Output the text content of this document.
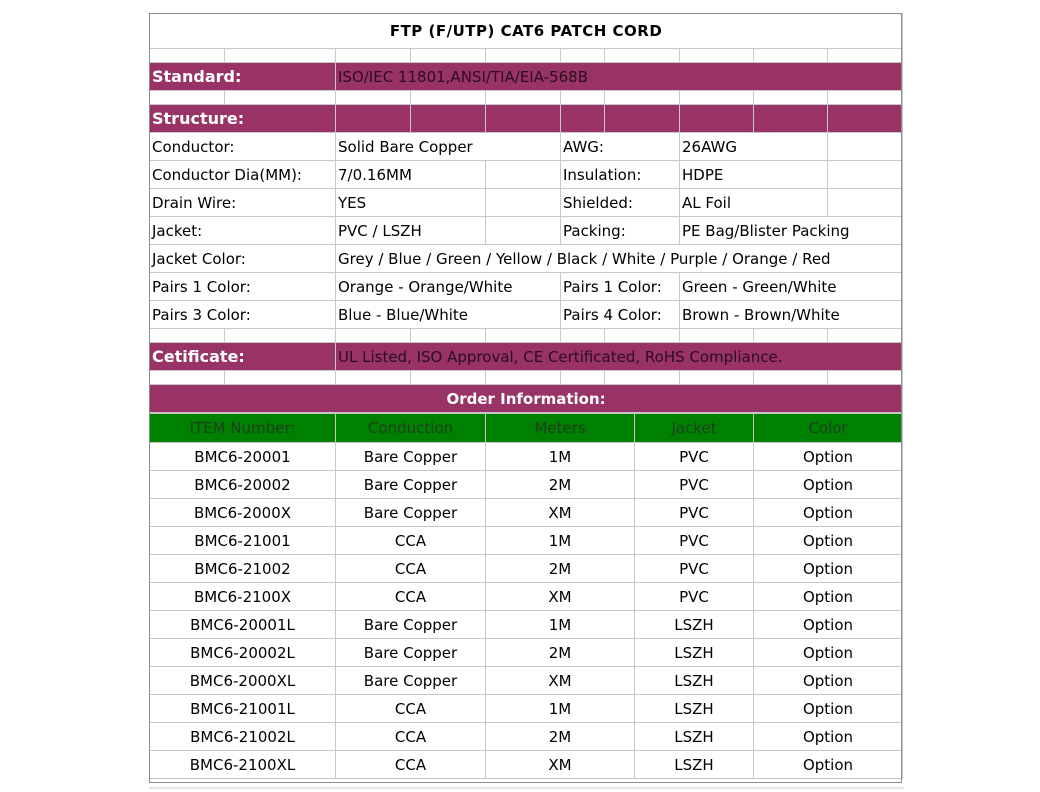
FTP (F/UTP) CAT6 PATCH CORD									

Standard:		ISO/IEC 11801,ANSI/TIA/EIA-568B							

Structure:									
Conductor:		Solid Bare Copper			AWG:		26AWG		
Conductor Dia(MM):		7/0.16MM			Insulation:		HDPE		
Drain Wire:		YES			Shielded:		AL Foil		
Jacket:		PVC / LSZH			Packing:		PE Bag/Blister Packing		
Jacket Color:		Grey / Blue / Green / Yellow / Black / White / Purple / Orange / Red							
Pairs 1 Color:		Orange - Orange/White			Pairs 1 Color:		Green - Green/White		
Pairs 3 Color:		Blue - Blue/White			Pairs 4 Color:		Brown - Brown/White		

Cetificate:		UL Listed, ISO Approval, CE Certificated, RoHS Compliance.							

Order Information:									
ITEM Number:	Conduction	Meters	Jacket	Color
BMC6-20001	Bare Copper	1M	PVC	Option
BMC6-20002	Bare Copper	2M	PVC	Option
BMC6-2000X	Bare Copper	XM	PVC	Option
BMC6-21001	CCA	1M	PVC	Option
BMC6-21002	CCA	2M	PVC	Option
BMC6-2100X	CCA	XM	PVC	Option
BMC6-20001L	Bare Copper	1M	LSZH	Option
BMC6-20002L	Bare Copper	2M	LSZH	Option
BMC6-2000XL	Bare Copper	XM	LSZH	Option
BMC6-21001L	CCA	1M	LSZH	Option
BMC6-21002L	CCA	2M	LSZH	Option
BMC6-2100XL	CCA	XM	LSZH	Option
